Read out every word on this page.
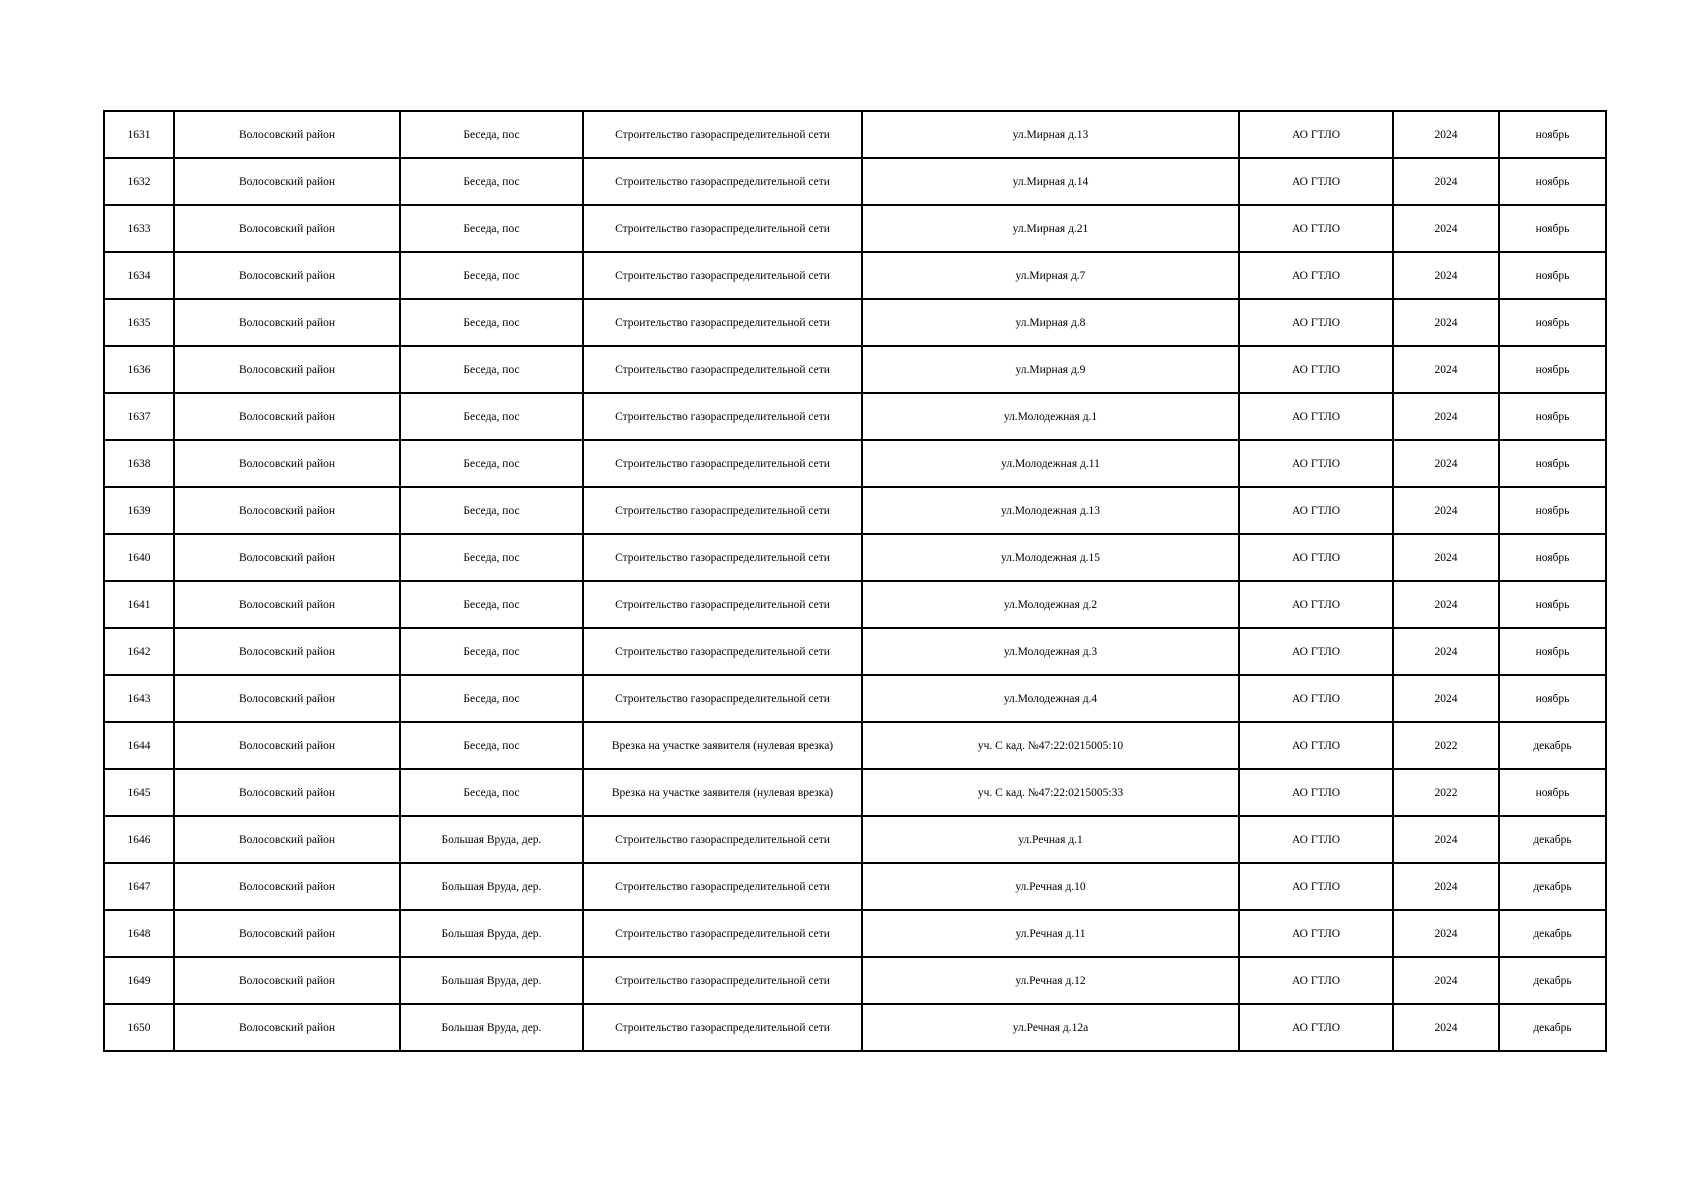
1631	Волосовский район	Беседа, пос	Строительство газораспределительной сети	ул.Мирная д.13	АО ГТЛО	2024	ноябрь
1632	Волосовский район	Беседа, пос	Строительство газораспределительной сети	ул.Мирная д.14	АО ГТЛО	2024	ноябрь
1633	Волосовский район	Беседа, пос	Строительство газораспределительной сети	ул.Мирная д.21	АО ГТЛО	2024	ноябрь
1634	Волосовский район	Беседа, пос	Строительство газораспределительной сети	ул.Мирная д.7	АО ГТЛО	2024	ноябрь
1635	Волосовский район	Беседа, пос	Строительство газораспределительной сети	ул.Мирная д.8	АО ГТЛО	2024	ноябрь
1636	Волосовский район	Беседа, пос	Строительство газораспределительной сети	ул.Мирная д.9	АО ГТЛО	2024	ноябрь
1637	Волосовский район	Беседа, пос	Строительство газораспределительной сети	ул.Молодежная д.1	АО ГТЛО	2024	ноябрь
1638	Волосовский район	Беседа, пос	Строительство газораспределительной сети	ул.Молодежная д.11	АО ГТЛО	2024	ноябрь
1639	Волосовский район	Беседа, пос	Строительство газораспределительной сети	ул.Молодежная д.13	АО ГТЛО	2024	ноябрь
1640	Волосовский район	Беседа, пос	Строительство газораспределительной сети	ул.Молодежная д.15	АО ГТЛО	2024	ноябрь
1641	Волосовский район	Беседа, пос	Строительство газораспределительной сети	ул.Молодежная д.2	АО ГТЛО	2024	ноябрь
1642	Волосовский район	Беседа, пос	Строительство газораспределительной сети	ул.Молодежная д.3	АО ГТЛО	2024	ноябрь
1643	Волосовский район	Беседа, пос	Строительство газораспределительной сети	ул.Молодежная д.4	АО ГТЛО	2024	ноябрь
1644	Волосовский район	Беседа, пос	Врезка на участке заявителя (нулевая врезка)	уч. С кад. №47:22:0215005:10	АО ГТЛО	2022	декабрь
1645	Волосовский район	Беседа, пос	Врезка на участке заявителя (нулевая врезка)	уч. С кад. №47:22:0215005:33	АО ГТЛО	2022	ноябрь
1646	Волосовский район	Большая Вруда, дер.	Строительство газораспределительной сети	ул.Речная д.1	АО ГТЛО	2024	декабрь
1647	Волосовский район	Большая Вруда, дер.	Строительство газораспределительной сети	ул.Речная д.10	АО ГТЛО	2024	декабрь
1648	Волосовский район	Большая Вруда, дер.	Строительство газораспределительной сети	ул.Речная д.11	АО ГТЛО	2024	декабрь
1649	Волосовский район	Большая Вруда, дер.	Строительство газораспределительной сети	ул.Речная д.12	АО ГТЛО	2024	декабрь
1650	Волосовский район	Большая Вруда, дер.	Строительство газораспределительной сети	ул.Речная д.12а	АО ГТЛО	2024	декабрь
